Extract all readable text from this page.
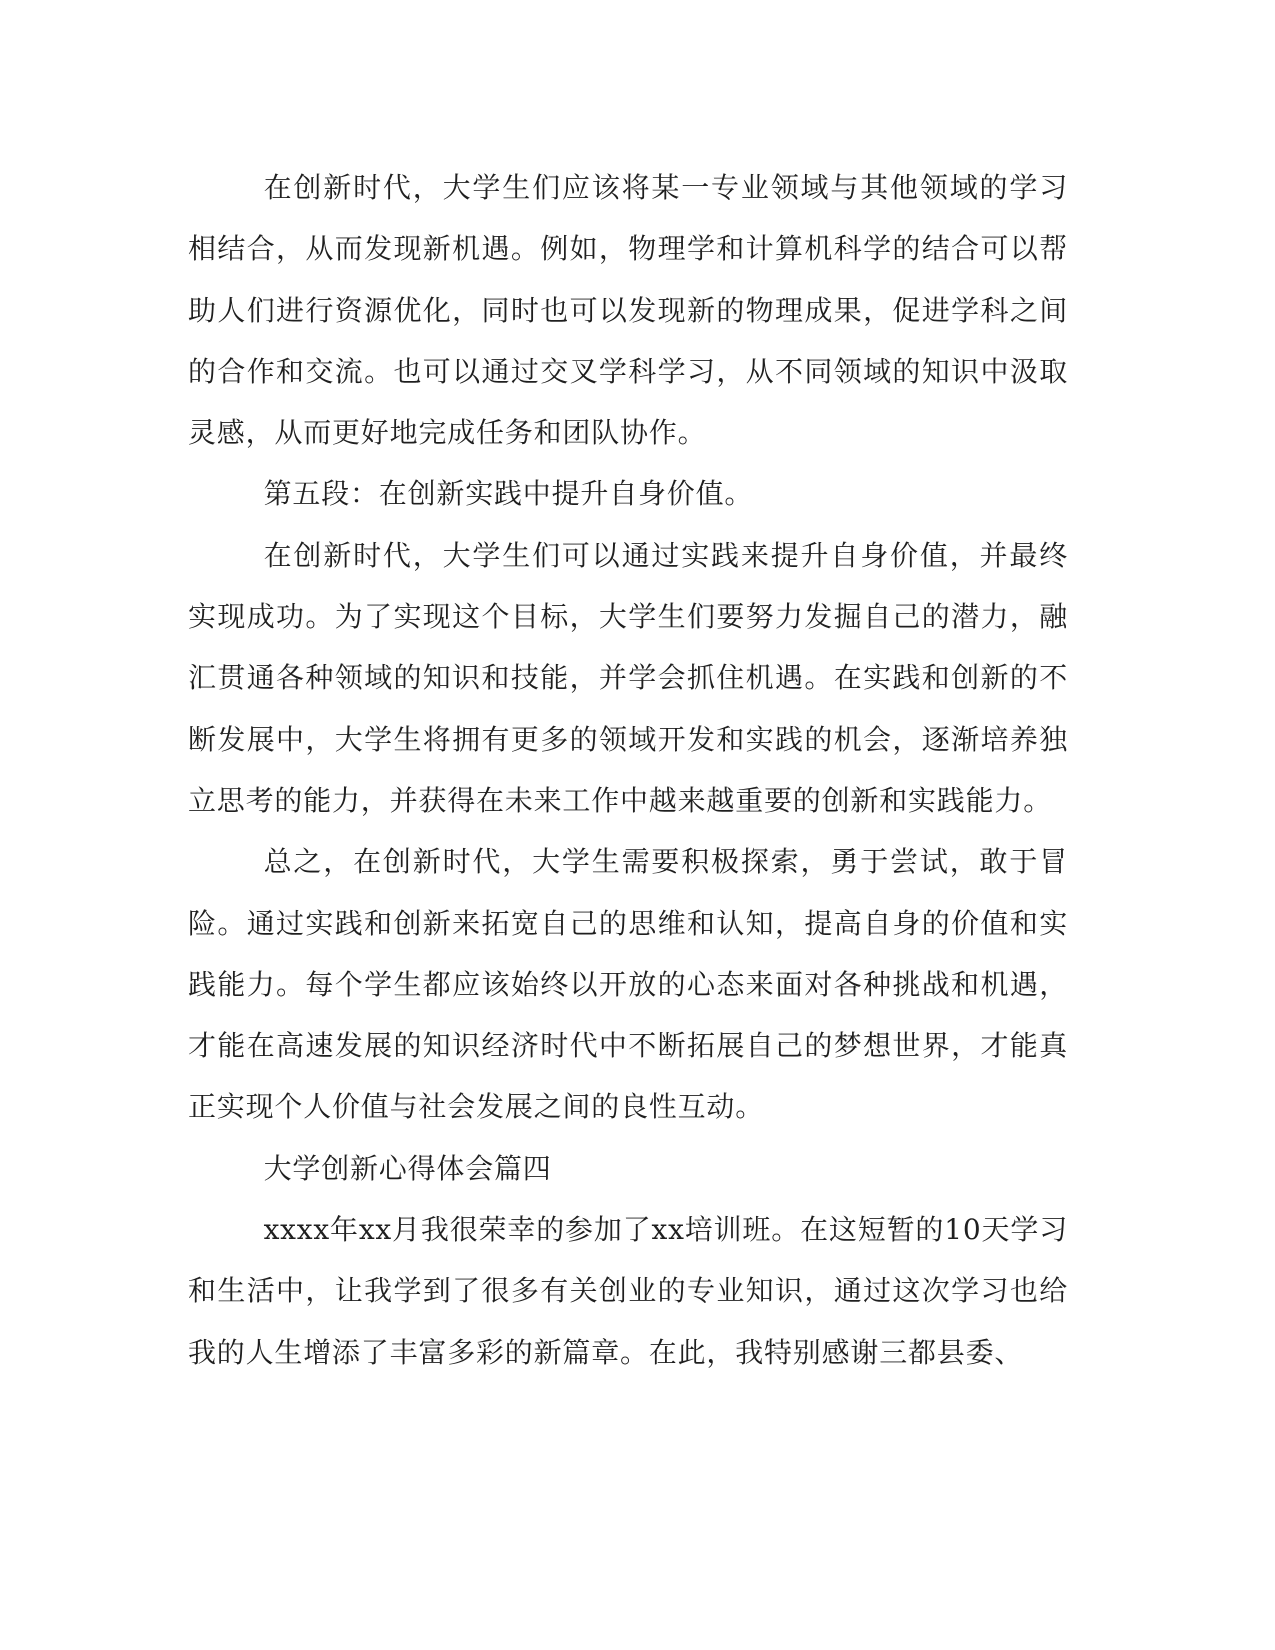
在创新时代，大学生们应该将某一专业领域与其他领域的学习相结合，从而发现新机遇。例如，物理学和计算机科学的结合可以帮助人们进行资源优化，同时也可以发现新的物理成果，促进学科之间的合作和交流。也可以通过交叉学科学习，从不同领域的知识中汲取灵感，从而更好地完成任务和团队协作。

第五段：在创新实践中提升自身价值。

在创新时代，大学生们可以通过实践来提升自身价值，并最终实现成功。为了实现这个目标，大学生们要努力发掘自己的潜力，融汇贯通各种领域的知识和技能，并学会抓住机遇。在实践和创新的不断发展中，大学生将拥有更多的领域开发和实践的机会，逐渐培养独立思考的能力，并获得在未来工作中越来越重要的创新和实践能力。

总之，在创新时代，大学生需要积极探索，勇于尝试，敢于冒险。通过实践和创新来拓宽自己的思维和认知，提高自身的价值和实践能力。每个学生都应该始终以开放的心态来面对各种挑战和机遇，才能在高速发展的知识经济时代中不断拓展自己的梦想世界，才能真正实现个人价值与社会发展之间的良性互动。

大学创新心得体会篇四

xxxx年xx月我很荣幸的参加了xx培训班。在这短暂的10天学习和生活中，让我学到了很多有关创业的专业知识，通过这次学习也给我的人生增添了丰富多彩的新篇章。在此，我特别感谢三都县委、
